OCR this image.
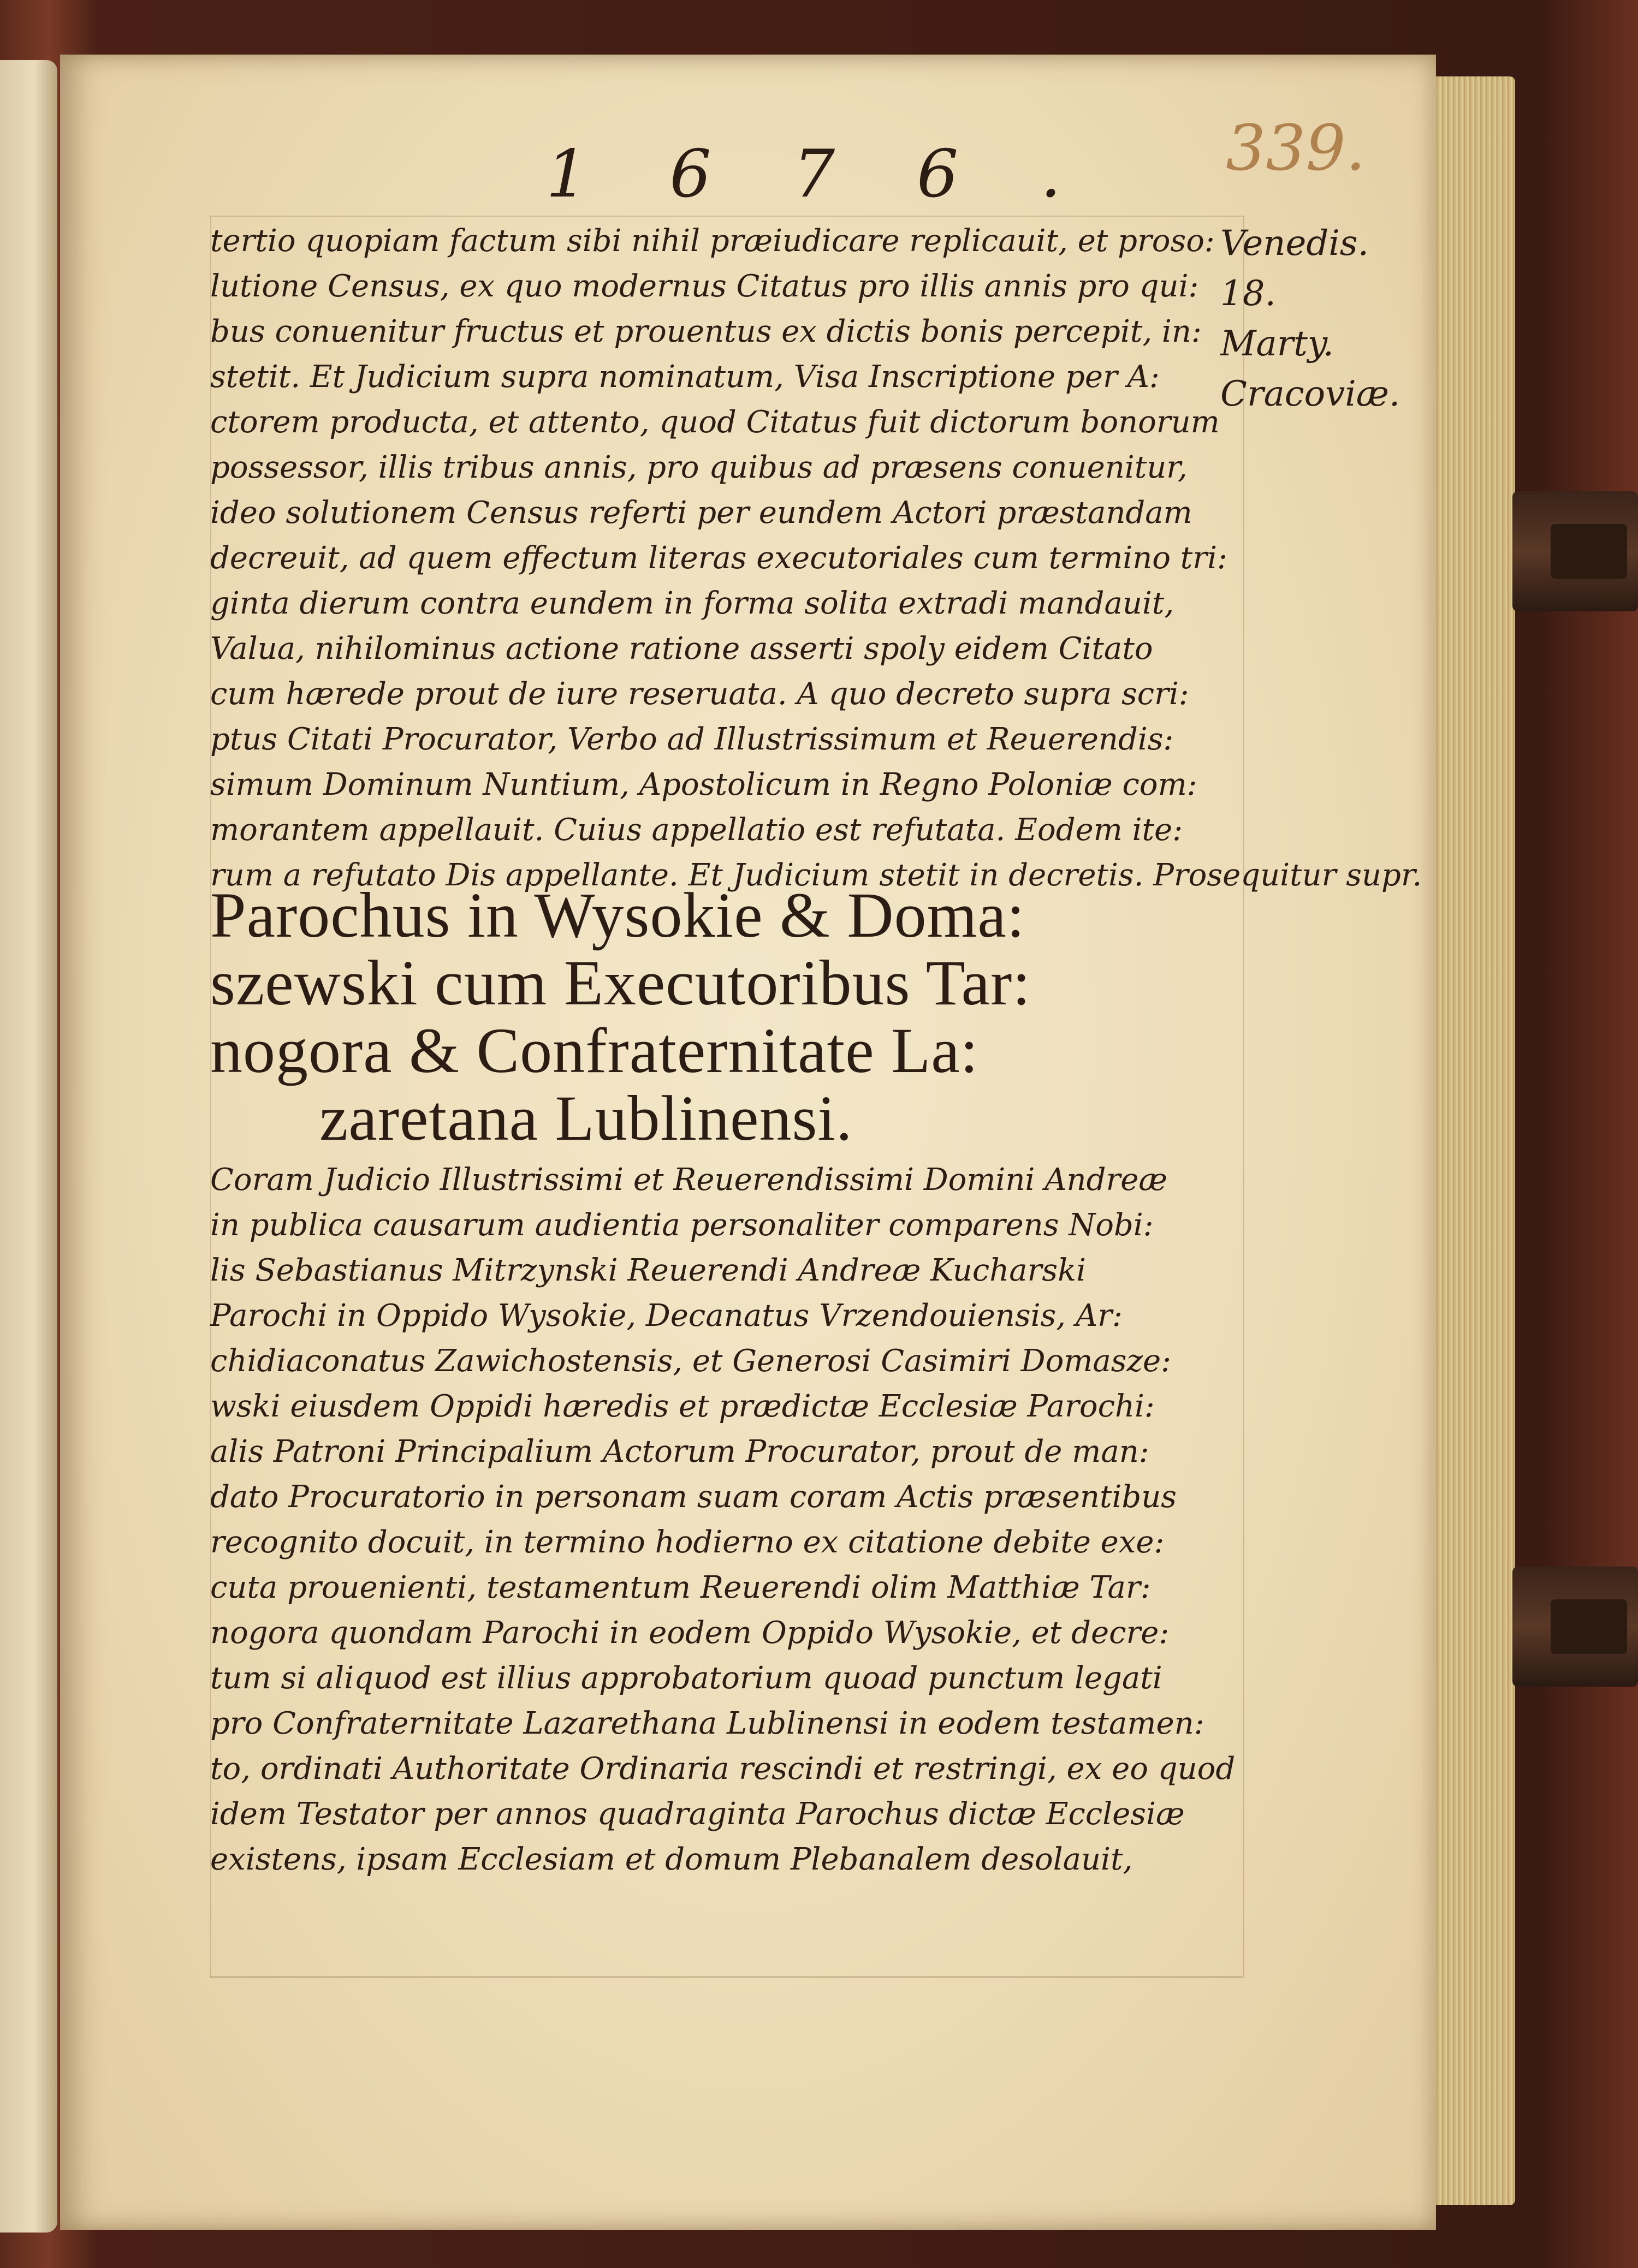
1676. 339.
Venedis. 18.
Marty.
Cracoviæ.
tertio quopiam factum sibi nihil præiudicare replicauit, et proso:
lutione Census, ex quo modernus Citatus pro illis annis pro qui:
bus conuenitur fructus et prouentus ex dictis bonis percepit, in:
stetit. Et Judicium supra nominatum, Visa Inscriptione per A:
ctorem producta, et attento, quod Citatus fuit dictorum bonorum
possessor, illis tribus annis, pro quibus ad præsens conuenitur,
ideo solutionem Census referti per eundem Actori præstandam
decreuit, ad quem effectum literas executoriales cum termino tri:
ginta dierum contra eundem in forma solita extradi mandauit,
Valua, nihilominus actione ratione asserti spoly eidem Citato
cum hærede prout de iure reseruata. A quo decreto supra scri:
ptus Citati Procurator, Verbo ad Illustrissimum et Reuerendis:
simum Dominum Nuntium, Apostolicum in Regno Poloniæ com:
morantem appellauit. Cuius appellatio est refutata. Eodem ite:
rum a refutato Dis appellante. Et Judicium stetit in decretis. Prosequitur supr.
Parochus in Wysokie & Doma:
szewski cum Executoribus Tar:
nogora & Confraternitate La:
zaretana Lublinensi.
Coram Judicio Illustrissimi et Reuerendissimi Domini Andreæ
in publica causarum audientia personaliter comparens Nobi:
lis Sebastianus Mitrzynski Reuerendi Andreæ Kucharski
Parochi in Oppido Wysokie, Decanatus Vrzendouiensis, Ar:
chidiaconatus Zawichostensis, et Generosi Casimiri Domasze:
wski eiusdem Oppidi hæredis et prædictæ Ecclesiæ Parochi:
alis Patroni Principalium Actorum Procurator, prout de man:
dato Procuratorio in personam suam coram Actis præsentibus
recognito docuit, in termino hodierno ex citatione debite exe:
cuta prouenienti, testamentum Reuerendi olim Matthiæ Tar:
nogora quondam Parochi in eodem Oppido Wysokie, et decre:
tum si aliquod est illius approbatorium quoad punctum legati
pro Confraternitate Lazarethana Lublinensi in eodem testamen:
to, ordinati Authoritate Ordinaria rescindi et restringi, ex eo quod
idem Testator per annos quadraginta Parochus dictæ Ecclesiæ
existens, ipsam Ecclesiam et domum Plebanalem desolauit,
